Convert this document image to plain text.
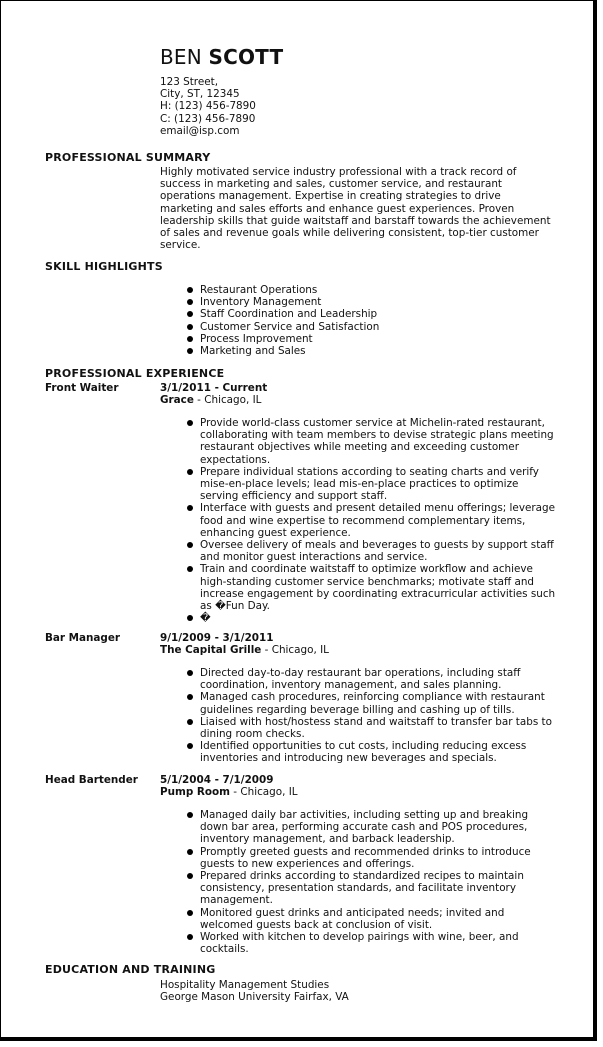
BEN SCOTT
123 Street,
City, ST, 12345
H: (123) 456-7890
C: (123) 456-7890
email@isp.com
PROFESSIONAL SUMMARY
Highly motivated service industry professional with a track record of success in marketing and sales, customer service, and restaurant operations management. Expertise in creating strategies to drive marketing and sales efforts and enhance guest experiences. Proven leadership skills that guide waitstaff and barstaff towards the achievement of sales and revenue goals while delivering consistent, top-tier customer service.
SKILL HIGHLIGHTS
Restaurant Operations
Inventory Management
Staff Coordination and Leadership
Customer Service and Satisfaction
Process Improvement
Marketing and Sales
PROFESSIONAL EXPERIENCE
Front Waiter	3/1/2011 - Current
Grace - Chicago, IL
Provide world-class customer service at Michelin-rated restaurant, collaborating with team members to devise strategic plans meeting restaurant objectives while meeting and exceeding customer expectations.
Prepare individual stations according to seating charts and verify mise-en-place levels; lead mis-en-place practices to optimize serving efficiency and support staff.
Interface with guests and present detailed menu offerings; leverage food and wine expertise to recommend complementary items, enhancing guest experience.
Oversee delivery of meals and beverages to guests by support staff and monitor guest interactions and service.
Train and coordinate waitstaff to optimize workflow and achieve high-standing customer service benchmarks; motivate staff and increase engagement by coordinating extracurricular activities such as �Fun Day.
�
Bar Manager	9/1/2009 - 3/1/2011
The Capital Grille - Chicago, IL
Directed day-to-day restaurant bar operations, including staff coordination, inventory management, and sales planning.
Managed cash procedures, reinforcing compliance with restaurant guidelines regarding beverage billing and cashing up of tills.
Liaised with host/hostess stand and waitstaff to transfer bar tabs to dining room checks.
Identified opportunities to cut costs, including reducing excess inventories and introducing new beverages and specials.
Head Bartender 5/1/2004 - 7/1/2009
Pump Room - Chicago, IL
Managed daily bar activities, including setting up and breaking down bar area, performing accurate cash and POS procedures, inventory management, and barback leadership.
Promptly greeted guests and recommended drinks to introduce guests to new experiences and offerings.
Prepared drinks according to standardized recipes to maintain consistency, presentation standards, and facilitate inventory management.
Monitored guest drinks and anticipated needs; invited and welcomed guests back at conclusion of visit.
Worked with kitchen to develop pairings with wine, beer, and cocktails.
EDUCATION AND TRAINING
Hospitality Management Studies
George Mason University Fairfax, VA
